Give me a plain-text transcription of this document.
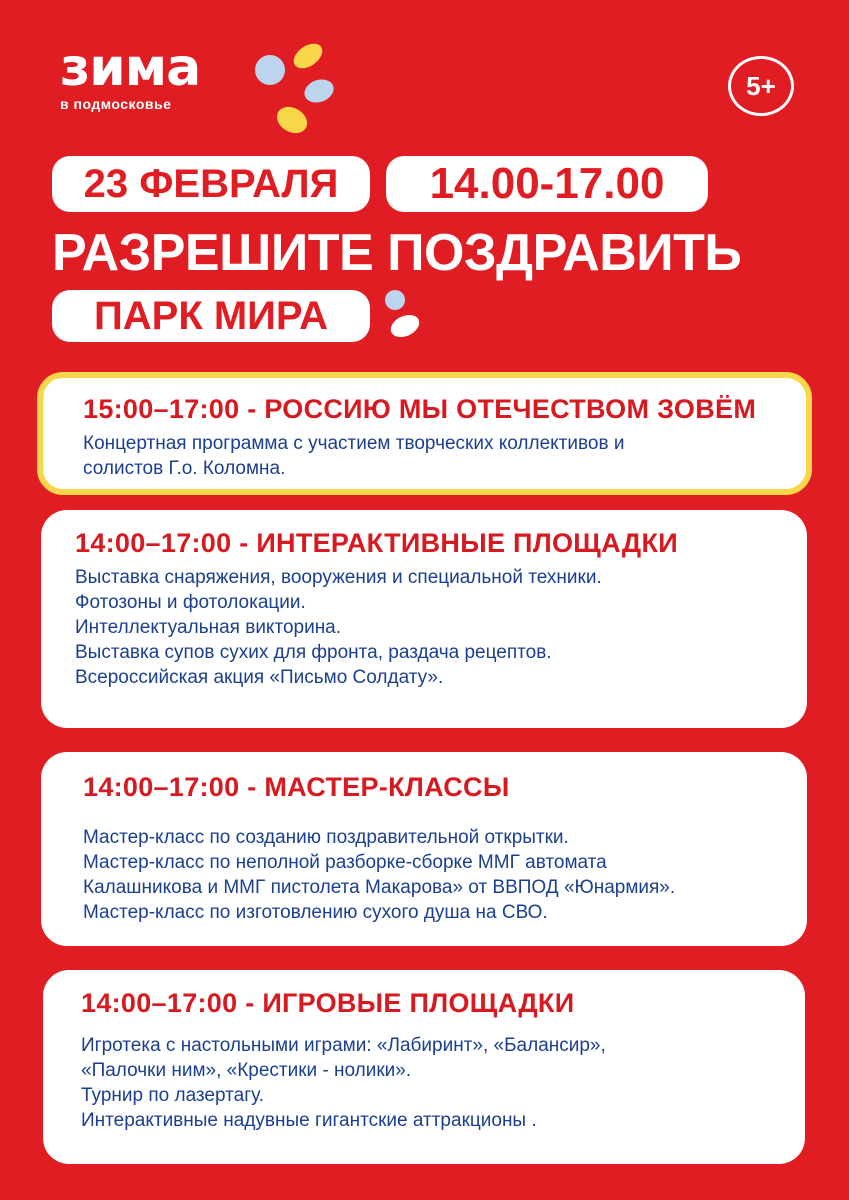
зима
в подмосковье
5+
23 ФЕВРАЛЯ	14.00-17.00
РАЗРЕШИТЕ ПОЗДРАВИТЬ
ПАРК МИРА
15:00–17:00 - РОССИЮ МЫ ОТЕЧЕСТВОМ ЗОВЁМ
Концертная программа с участием творческих коллективов и
солистов Г.о. Коломна.
14:00–17:00 - ИНТЕРАКТИВНЫЕ ПЛОЩАДКИ
Выставка снаряжения, вооружения и специальной техники.
Фотозоны и фотолокации.
Интеллектуальная викторина.
Выставка супов сухих для фронта, раздача рецептов.
Всероссийская акция «Письмо Солдату».
14:00–17:00 - МАСТЕР-КЛАССЫ
Мастер-класс по созданию поздравительной открытки.
Мастер-класс по неполной разборке-сборке ММГ автомата
Калашникова и ММГ пистолета Макарова» от ВВПОД «Юнармия».
Мастер-класс по изготовлению сухого душа на СВО.
14:00–17:00 - ИГРОВЫЕ ПЛОЩАДКИ
Игротека с настольными играми: «Лабиринт», «Балансир»,
«Палочки ним», «Крестики - нолики».
Турнир по лазертагу.
Интерактивные надувные гигантские аттракционы .
